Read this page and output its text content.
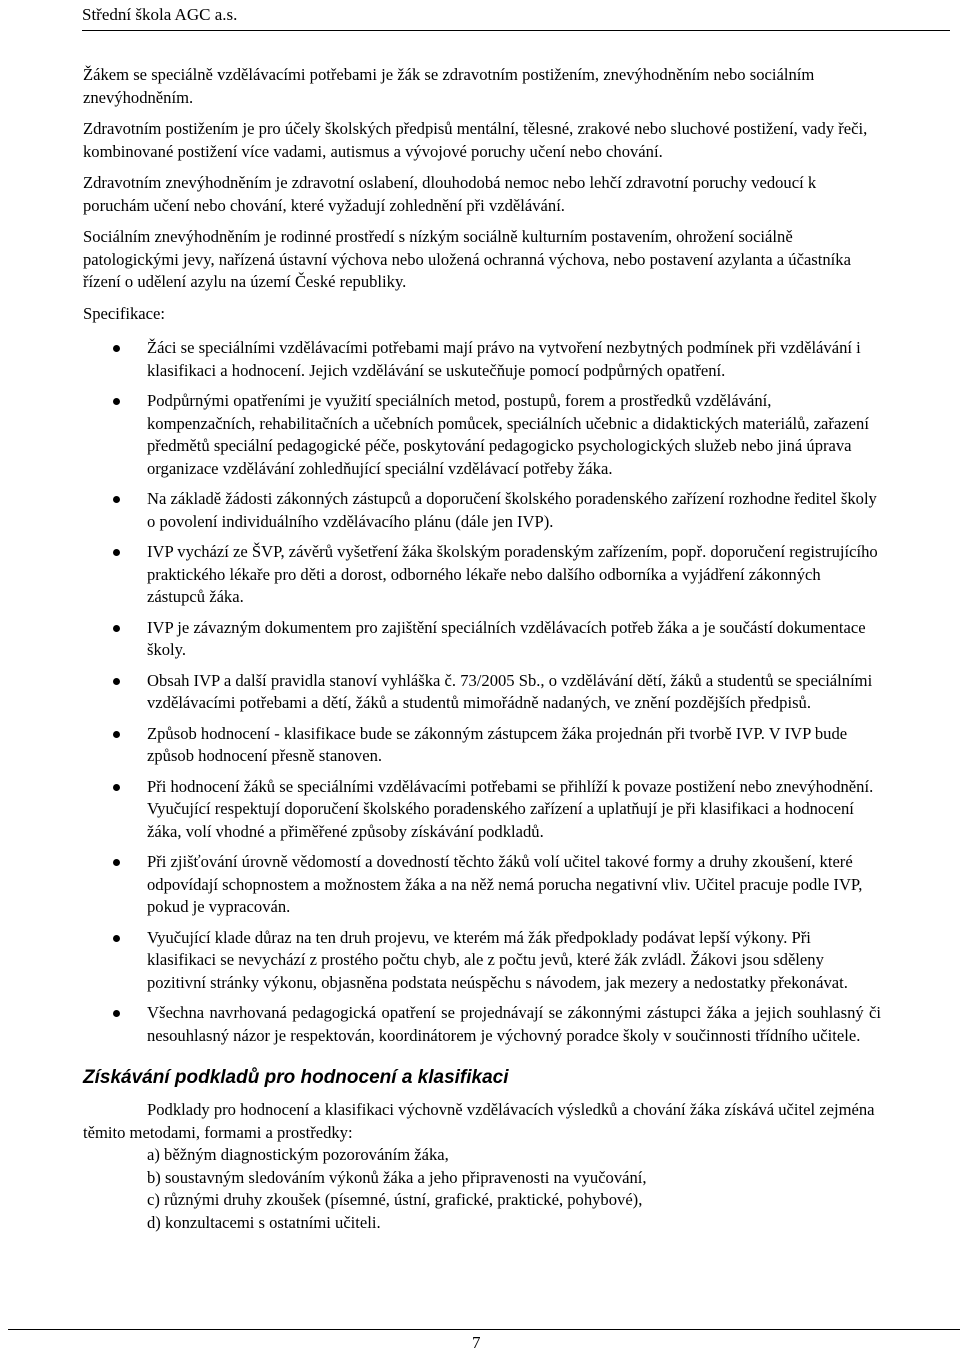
Střední škola AGC a.s.

Žákem se speciálně vzdělávacími potřebami je žák se zdravotním postižením, znevýhodněním nebo sociálním znevýhodněním.

Zdravotním postižením je pro účely školských předpisů mentální, tělesné, zrakové nebo sluchové postižení, vady řeči, kombinované postižení více vadami, autismus a vývojové poruchy učení nebo chování.

Zdravotním znevýhodněním je zdravotní oslabení, dlouhodobá nemoc nebo lehčí zdravotní poruchy vedoucí k poruchám učení nebo chování, které vyžadují zohlednění při vzdělávání.

Sociálním znevýhodněním je rodinné prostředí s nízkým sociálně kulturním postavením, ohrožení sociálně patologickými jevy, nařízená ústavní výchova nebo uložená ochranná výchova, nebo postavení azylanta a účastníka řízení o udělení azylu na území České republiky.

Specifikace:

Žáci se speciálními vzdělávacími potřebami mají právo na vytvoření nezbytných podmínek při vzdělávání i klasifikaci a hodnocení. Jejich vzdělávání se uskutečňuje pomocí podpůrných opatření.
Podpůrnými opatřeními je využití speciálních metod, postupů, forem a prostředků vzdělávání, kompenzačních, rehabilitačních a učebních pomůcek, speciálních učebnic a didaktických materiálů, zařazení předmětů speciální pedagogické péče, poskytování pedagogicko psychologických služeb nebo jiná úprava organizace vzdělávání zohledňující speciální vzdělávací potřeby žáka.
Na základě žádosti zákonných zástupců a doporučení školského poradenského zařízení rozhodne ředitel školy o povolení individuálního vzdělávacího plánu (dále jen IVP).
IVP vychází ze ŠVP, závěrů vyšetření žáka školským poradenským zařízením, popř. doporučení registrujícího praktického lékaře pro děti a dorost, odborného lékaře nebo dalšího odborníka a vyjádření zákonných zástupců žáka.
IVP je závazným dokumentem pro zajištění speciálních vzdělávacích potřeb žáka a je součástí dokumentace školy.
Obsah IVP a další pravidla stanoví vyhláška č. 73/2005 Sb., o vzdělávání dětí, žáků a studentů se speciálními vzdělávacími potřebami a dětí, žáků a studentů mimořádně nadaných, ve znění pozdějších předpisů.
Způsob hodnocení - klasifikace bude se zákonným zástupcem žáka projednán při tvorbě IVP. V IVP bude způsob hodnocení přesně stanoven.
Při hodnocení žáků se speciálními vzdělávacími potřebami se přihlíží k povaze postižení nebo znevýhodnění. Vyučující respektují doporučení školského poradenského zařízení a uplatňují je při klasifikaci a hodnocení žáka, volí vhodné a přiměřené způsoby získávání podkladů.
Při zjišťování úrovně vědomostí a dovedností těchto žáků volí učitel takové formy a druhy zkoušení, které odpovídají schopnostem a možnostem žáka a na něž nemá porucha negativní vliv. Učitel pracuje podle IVP, pokud je vypracován.
Vyučující klade důraz na ten druh projevu, ve kterém má žák předpoklady podávat lepší výkony. Při klasifikaci se nevychází z prostého počtu chyb, ale z počtu jevů, které žák zvládl. Žákovi jsou sděleny pozitivní stránky výkonu, objasněna podstata neúspěchu s návodem, jak mezery a nedostatky překonávat.
Všechna navrhovaná pedagogická opatření se projednávají se zákonnými zástupci žáka a jejich souhlasný či nesouhlasný názor je respektován, koordinátorem je výchovný poradce školy v součinnosti třídního učitele.
Získávání podkladů pro hodnocení a klasifikaci

Podklady pro hodnocení a klasifikaci výchovně vzdělávacích výsledků a chování žáka získává učitel zejména těmito metodami, formami a prostředky:

a) běžným diagnostickým pozorováním žáka,

b) soustavným sledováním výkonů žáka a jeho připravenosti na vyučování,

c) různými druhy zkoušek (písemné, ústní, grafické, praktické, pohybové),

d) konzultacemi s ostatními učiteli.

7
